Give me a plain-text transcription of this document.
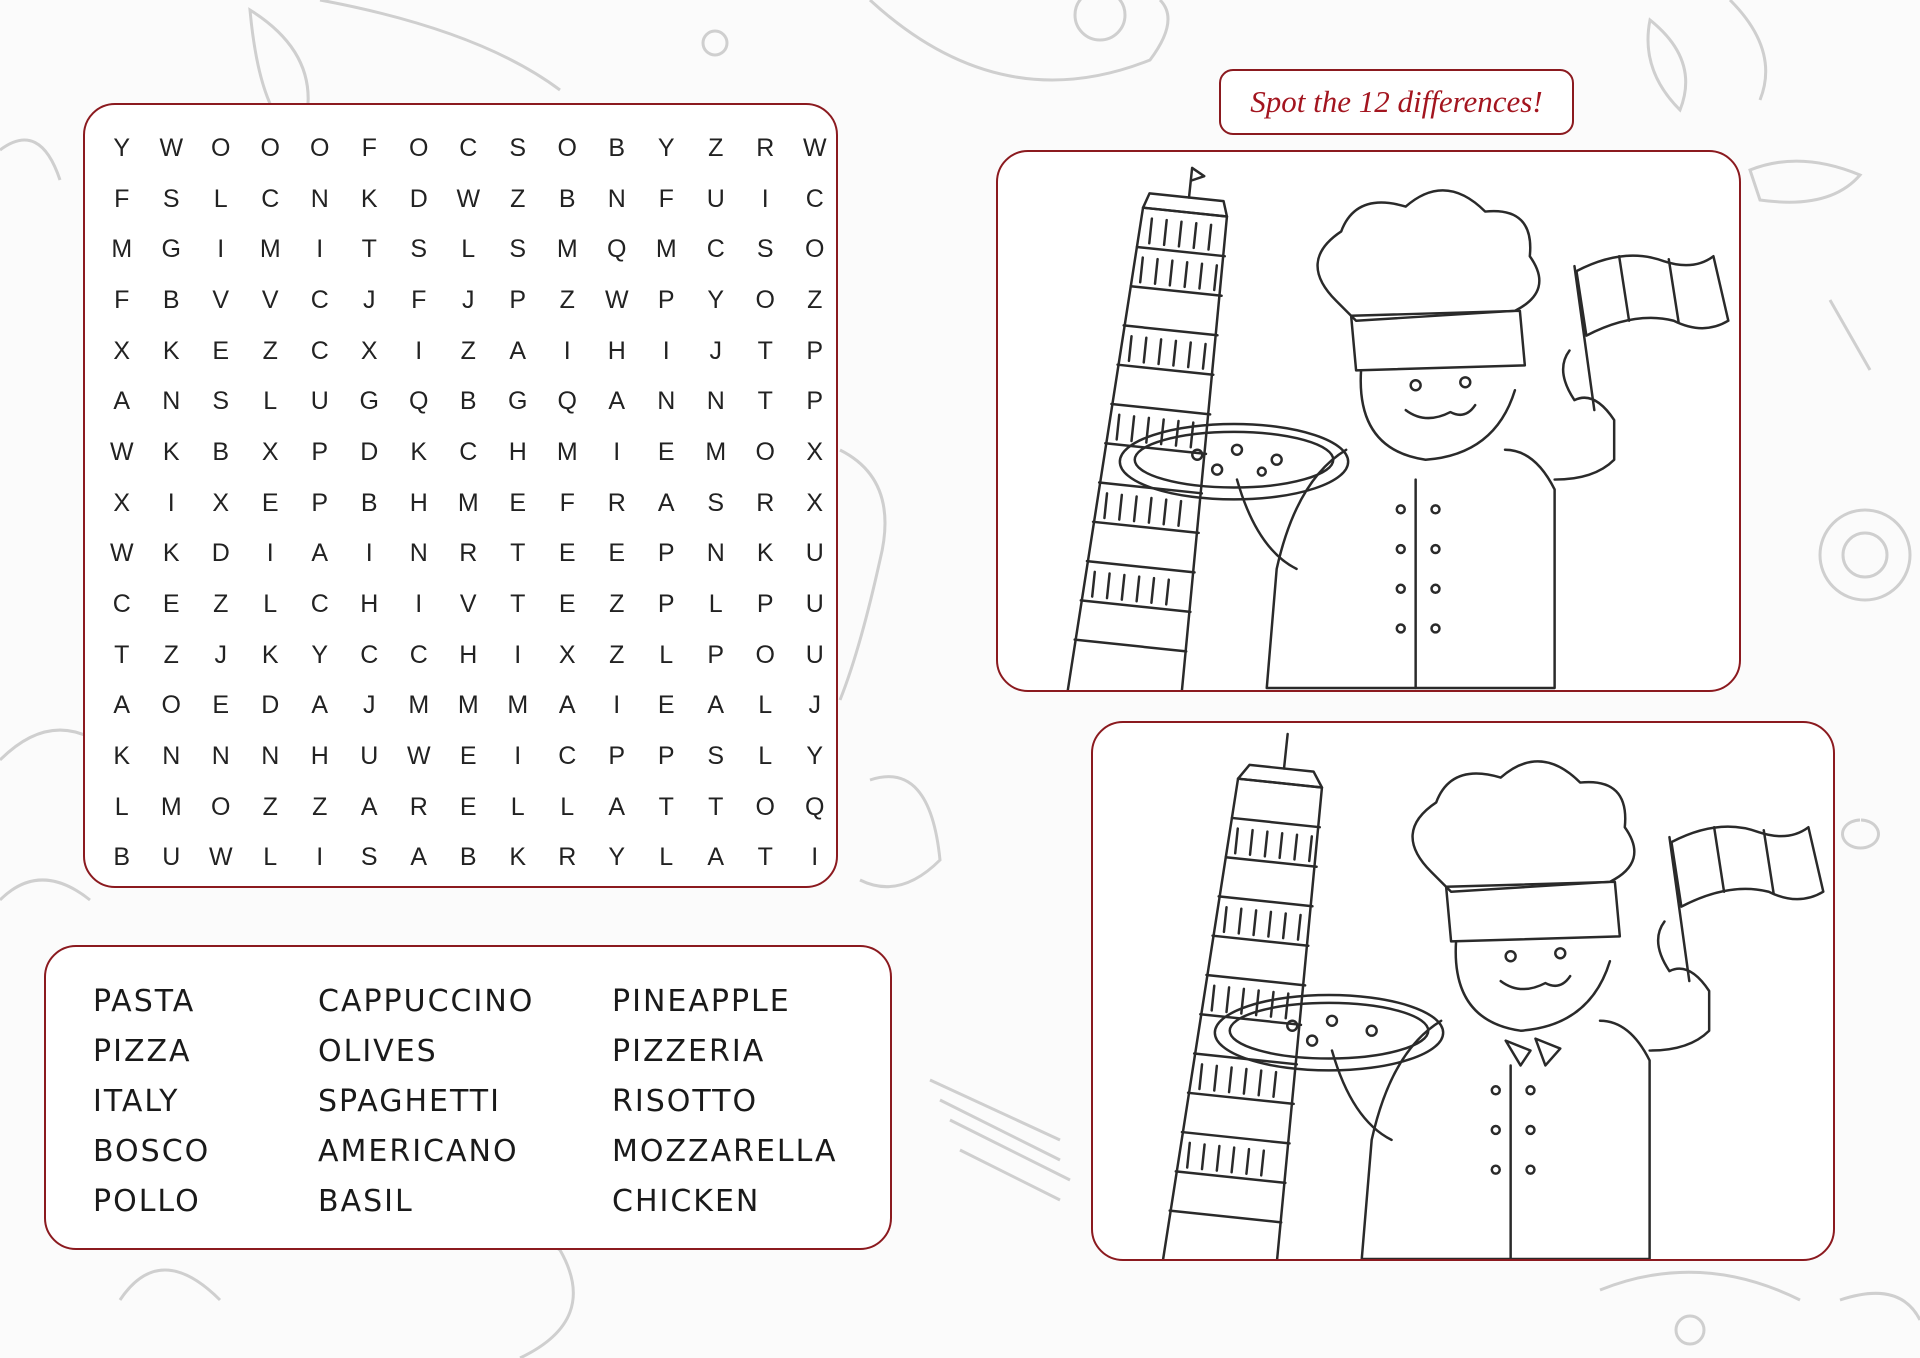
Y	W	O	O	O	F	O	C	S	O	B	Y	Z	R	W
F	S	L	C	N	K	D	W	Z	B	N	F	U	I	C
M	G	I	M	I	T	S	L	S	M	Q	M	C	S	O
F	B	V	V	C	J	F	J	P	Z	W	P	Y	O	Z
X	K	E	Z	C	X	I	Z	A	I	H	I	J	T	P
A	N	S	L	U	G	Q	B	G	Q	A	N	N	T	P
W	K	B	X	P	D	K	C	H	M	I	E	M	O	X
X	I	X	E	P	B	H	M	E	F	R	A	S	R	X
W	K	D	I	A	I	N	R	T	E	E	P	N	K	U
C	E	Z	L	C	H	I	V	T	E	Z	P	L	P	U
T	Z	J	K	Y	C	C	H	I	X	Z	L	P	O	U
A	O	E	D	A	J	M	M	M	A	I	E	A	L	J
K	N	N	N	H	U	W	E	I	C	P	P	S	L	Y
L	M	O	Z	Z	A	R	E	L	L	A	T	T	O	Q
B	U	W	L	I	S	A	B	K	R	Y	L	A	T	I
PASTA
PIZZA
ITALY
BOSCO
POLLO
CAPPUCCINO
OLIVES
SPAGHETTI
AMERICANO
BASIL
PINEAPPLE
PIZZERIA
RISOTTO
MOZZARELLA
CHICKEN
Spot the 12 differences!
